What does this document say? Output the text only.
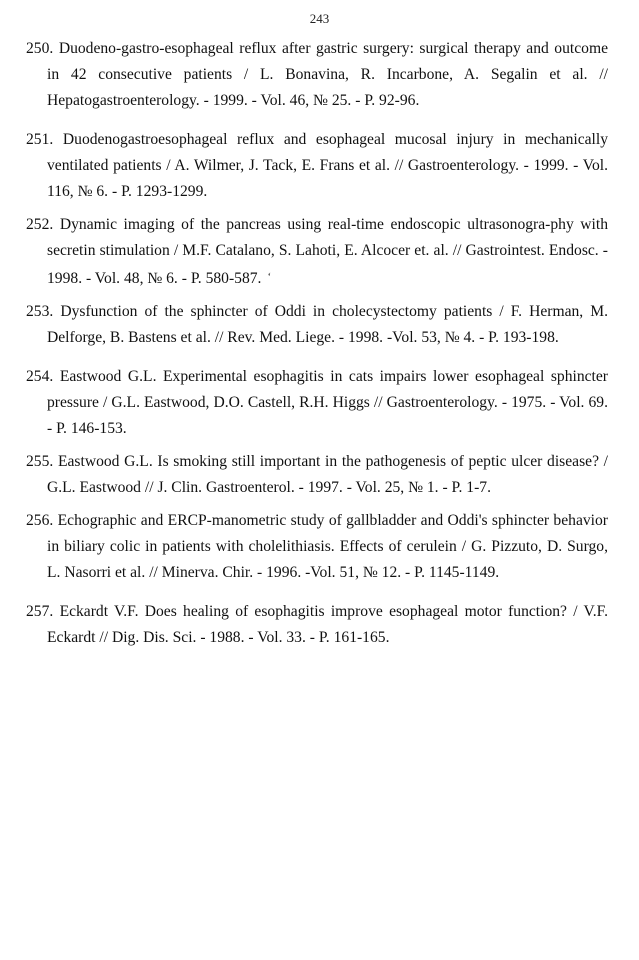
243

250. Duodeno-gastro-esophageal reflux after gastric surgery: surgical therapy and outcome in 42 consecutive patients / L. Bonavina, R. Incarbone, A. Segalin et al. // Hepatogastroenterology. - 1999. - Vol. 46, № 25. - P. 92-96.

251. Duodenogastroesophageal reflux and esophageal mucosal injury in mechanically ventilated patients / A. Wilmer, J. Tack, E. Frans et al. // Gastroenterology. - 1999. - Vol. 116, № 6. - P. 1293-1299.

252. Dynamic imaging of the pancreas using real-time endoscopic ultrasonogra-phy with secretin stimulation / M.F. Catalano, S. Lahoti, E. Alcocer et. al. // Gastrointest. Endosc. - 1998. - Vol. 48, № 6. - P. 580-587. ‘

253. Dysfunction of the sphincter of Oddi in cholecystectomy patients / F. Herman, M. Delforge, B. Bastens et al. // Rev. Med. Liege. - 1998. -Vol. 53, № 4. - P. 193-198.

254. Eastwood G.L. Experimental esophagitis in cats impairs lower esophageal sphincter pressure / G.L. Eastwood, D.O. Castell, R.H. Higgs // Gastroenterology. - 1975. - Vol. 69. - P. 146-153.

255. Eastwood G.L. Is smoking still important in the pathogenesis of peptic ulcer disease? / G.L. Eastwood // J. Clin. Gastroenterol. - 1997. - Vol. 25, № 1. - P. 1-7.

256. Echographic and ERCP-manometric study of gallbladder and Oddi's sphincter behavior in biliary colic in patients with cholelithiasis. Effects of cerulein / G. Pizzuto, D. Surgo, L. Nasorri et al. // Minerva. Chir. - 1996. -Vol. 51, № 12. - P. 1145-1149.

257. Eckardt V.F. Does healing of esophagitis improve esophageal motor function? / V.F. Eckardt // Dig. Dis. Sci. - 1988. - Vol. 33. - P. 161-165.
